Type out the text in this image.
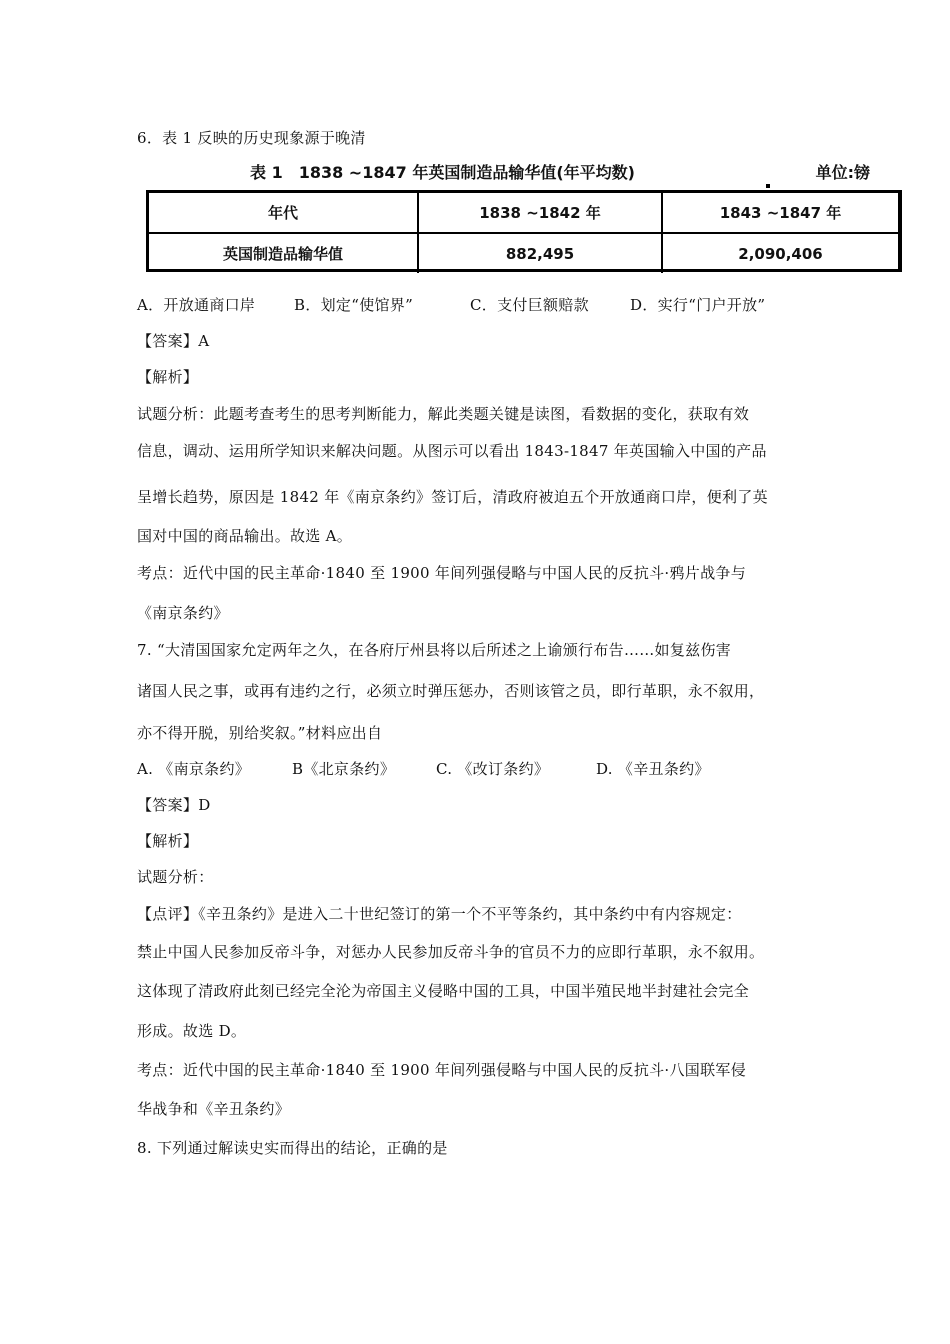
6．表 1 反映的历史现象源于晚清
表 1　1838 ~1847 年英国制造品输华值(年平均数)	单位:镑
年代	1838 ~1842 年	1843 ~1847 年
英国制造品输华值	882,495	2,090,406
A．开放通商口岸	B．划定“使馆界”	C．支付巨额赔款	D．实行“门户开放”
【答案】A
【解析】
试题分析：此题考查考生的思考判断能力，解此类题关键是读图，看数据的变化，获取有效
信息，调动、运用所学知识来解决问题。从图示可以看出 1843-1847 年英国输入中国的产品
呈增长趋势，原因是 1842 年《南京条约》签订后，清政府被迫五个开放通商口岸，便利了英
国对中国的商品输出。故选 A。
考点：近代中国的民主革命·1840 至 1900 年间列强侵略与中国人民的反抗斗·鸦片战争与
《南京条约》
7. “大清国国家允定两年之久，在各府厅州县将以后所述之上谕颁行布告……如复兹伤害
诸国人民之事，或再有违约之行，必须立时弹压惩办，否则该管之员，即行革职，永不叙用，
亦不得开脱，别给奖叙。”材料应出自
A. 《南京条约》	B《北京条约》	C. 《改订条约》	D. 《辛丑条约》
【答案】D
【解析】
试题分析：
【点评】《辛丑条约》是进入二十世纪签订的第一个不平等条约，其中条约中有内容规定：
禁止中国人民参加反帝斗争，对惩办人民参加反帝斗争的官员不力的应即行革职，永不叙用。
这体现了清政府此刻已经完全沦为帝国主义侵略中国的工具，中国半殖民地半封建社会完全
形成。故选 D。
考点：近代中国的民主革命·1840 至 1900 年间列强侵略与中国人民的反抗斗·八国联军侵
华战争和《辛丑条约》
8. 下列通过解读史实而得出的结论，正确的是
